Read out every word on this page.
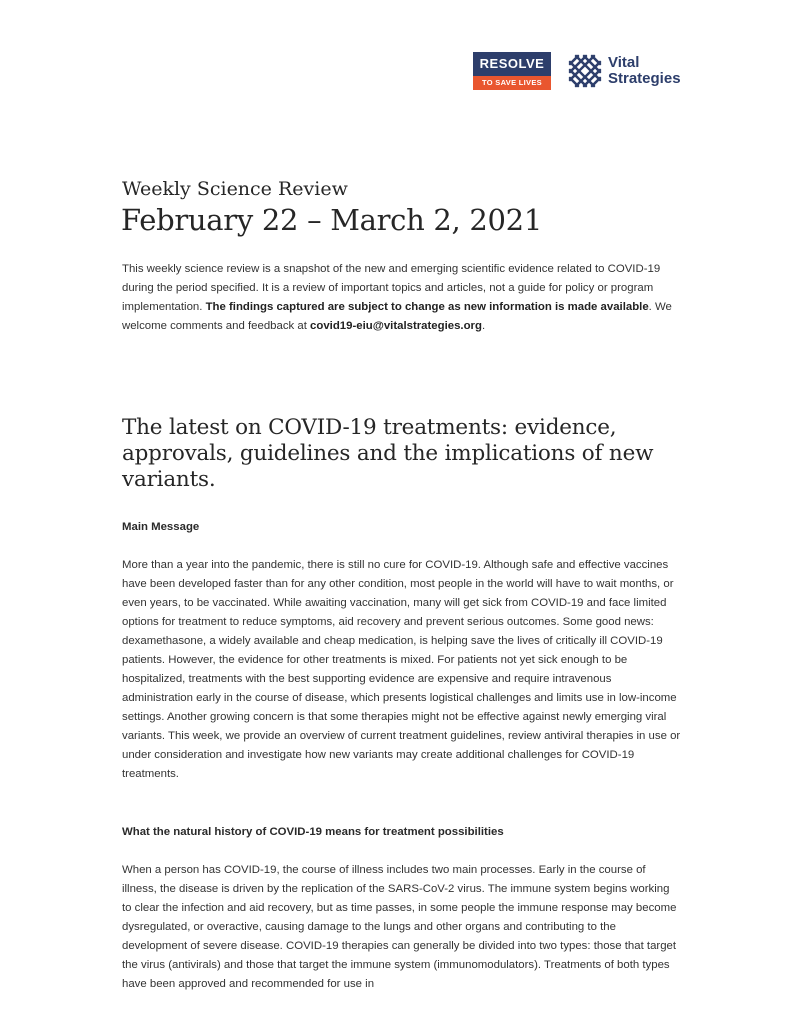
RESOLVE
TO SAVE LIVES
Vital
Strategies
Weekly Science Review
February 22 – March 2, 2021
This weekly science review is a snapshot of the new and emerging scientific evidence related to COVID-19 during the period specified. It is a review of important topics and articles, not a guide for policy or program implementation. The findings captured are subject to change as new information is made available. We welcome comments and feedback at covid19-eiu@vitalstrategies.org.
The latest on COVID-19 treatments: evidence, approvals, guidelines and the implications of new variants.
Main Message
More than a year into the pandemic, there is still no cure for COVID-19. Although safe and effective vaccines have been developed faster than for any other condition, most people in the world will have to wait months, or even years, to be vaccinated. While awaiting vaccination, many will get sick from COVID-19 and face limited options for treatment to reduce symptoms, aid recovery and prevent serious outcomes. Some good news: dexamethasone, a widely available and cheap medication, is helping save the lives of critically ill COVID-19 patients. However, the evidence for other treatments is mixed. For patients not yet sick enough to be hospitalized, treatments with the best supporting evidence are expensive and require intravenous administration early in the course of disease, which presents logistical challenges and limits use in low-income settings. Another growing concern is that some therapies might not be effective against newly emerging viral variants. This week, we provide an overview of current treatment guidelines, review antiviral therapies in use or under consideration and investigate how new variants may create additional challenges for COVID-19 treatments.
What the natural history of COVID-19 means for treatment possibilities
When a person has COVID-19, the course of illness includes two main processes. Early in the course of illness, the disease is driven by the replication of the SARS-CoV-2 virus. The immune system begins working to clear the infection and aid recovery, but as time passes, in some people the immune response may become dysregulated, or overactive, causing damage to the lungs and other organs and contributing to the development of severe disease. COVID-19 therapies can generally be divided into two types: those that target the virus (antivirals) and those that target the immune system (immunomodulators). Treatments of both types have been approved and recommended for use in
